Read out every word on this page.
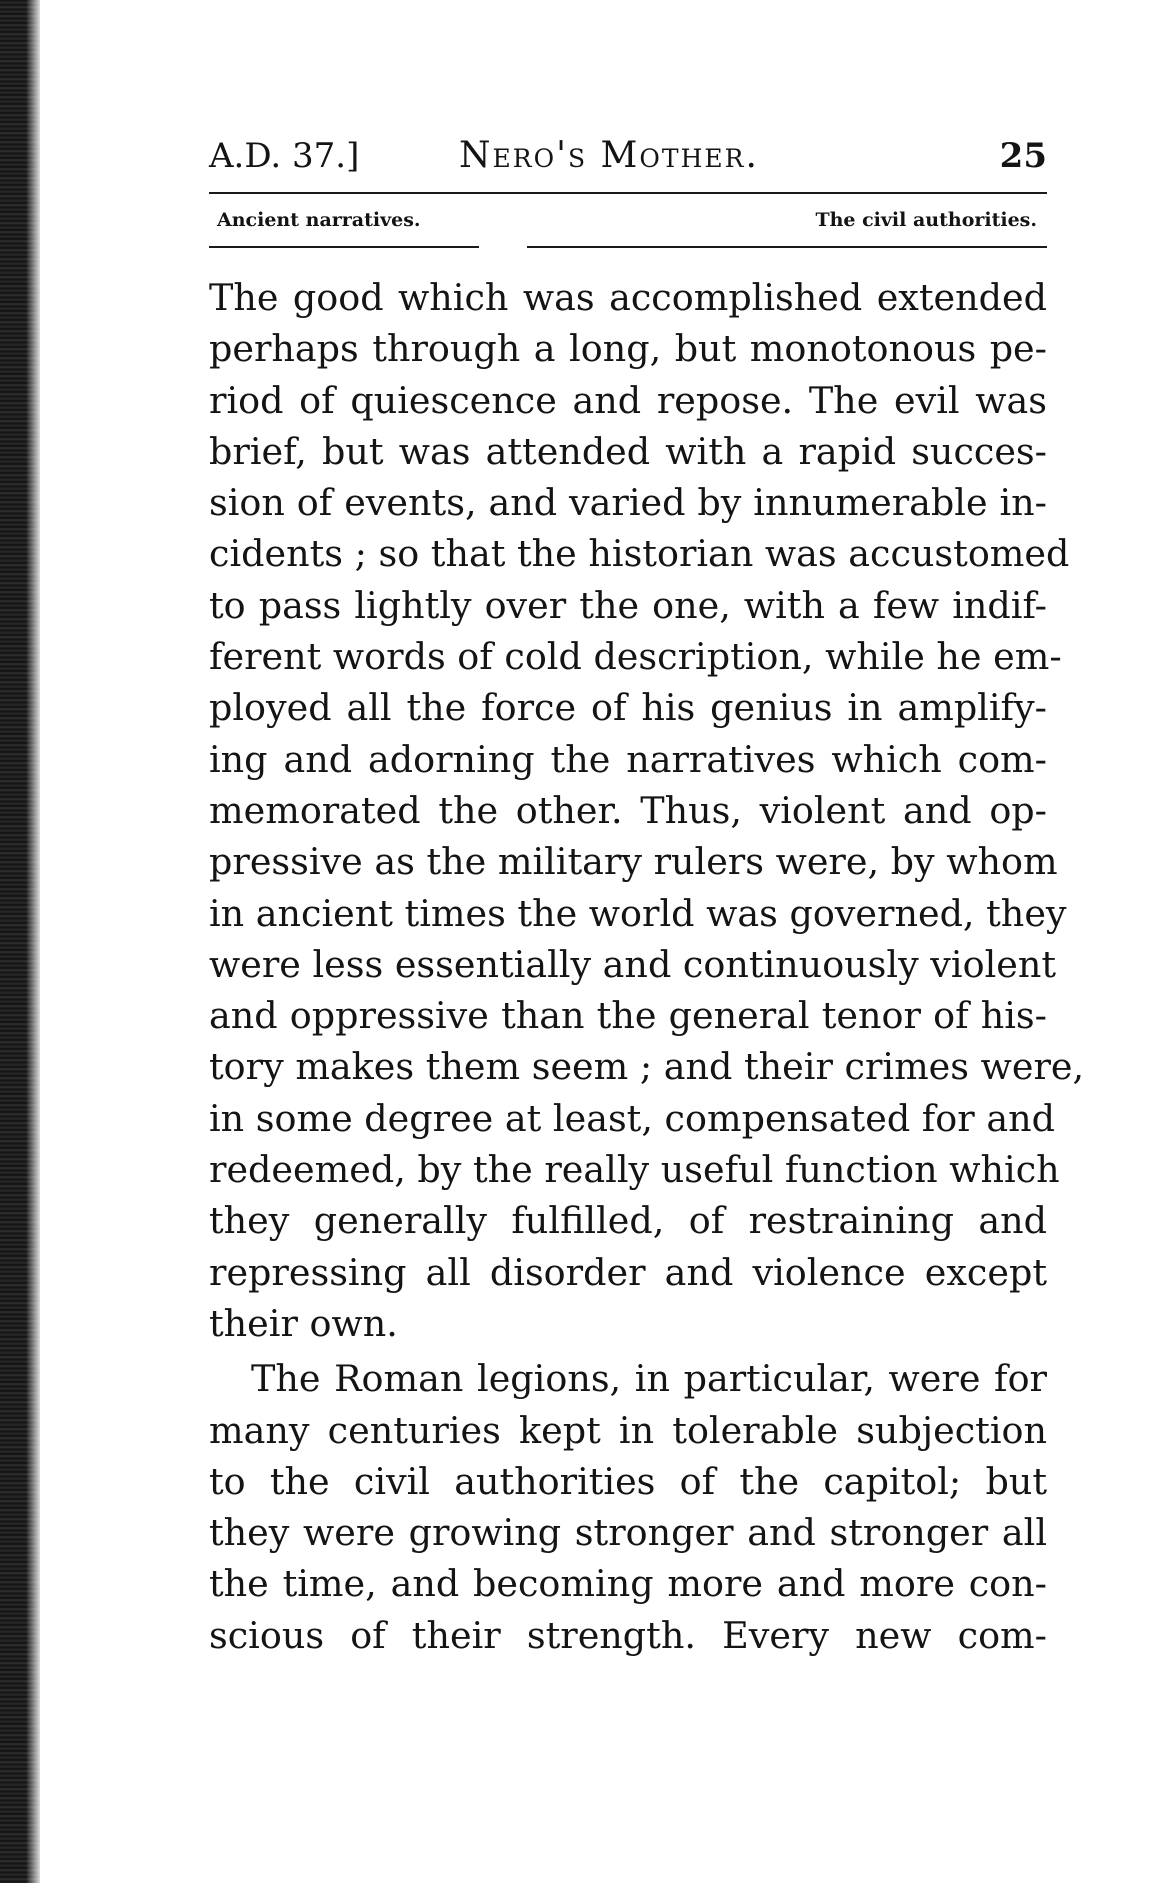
A.D. 37.]	Nero's Mother.	25
Ancient narratives.	The civil authorities.

The good which was accomplished extended
perhaps through a long, but monotonous pe-
riod of quiescence and repose. The evil was
brief, but was attended with a rapid succes-
sion of events, and varied by innumerable in-
cidents ; so that the historian was accustomed
to pass lightly over the one, with a few indif-
ferent words of cold description, while he em-
ployed all the force of his genius in amplify-
ing and adorning the narratives which com-
memorated the other. Thus, violent and op-
pressive as the military rulers were, by whom
in ancient times the world was governed, they
were less essentially and continuously violent
and oppressive than the general tenor of his-
tory makes them seem ; and their crimes were,
in some degree at least, compensated for and
redeemed, by the really useful function which
they generally fulfilled, of restraining and
repressing all disorder and violence except
their own.

The Roman legions, in particular, were for
many centuries kept in tolerable subjection
to the civil authorities of the capitol; but
they were growing stronger and stronger all
the time, and becoming more and more con-
scious of their strength. Every new com-
